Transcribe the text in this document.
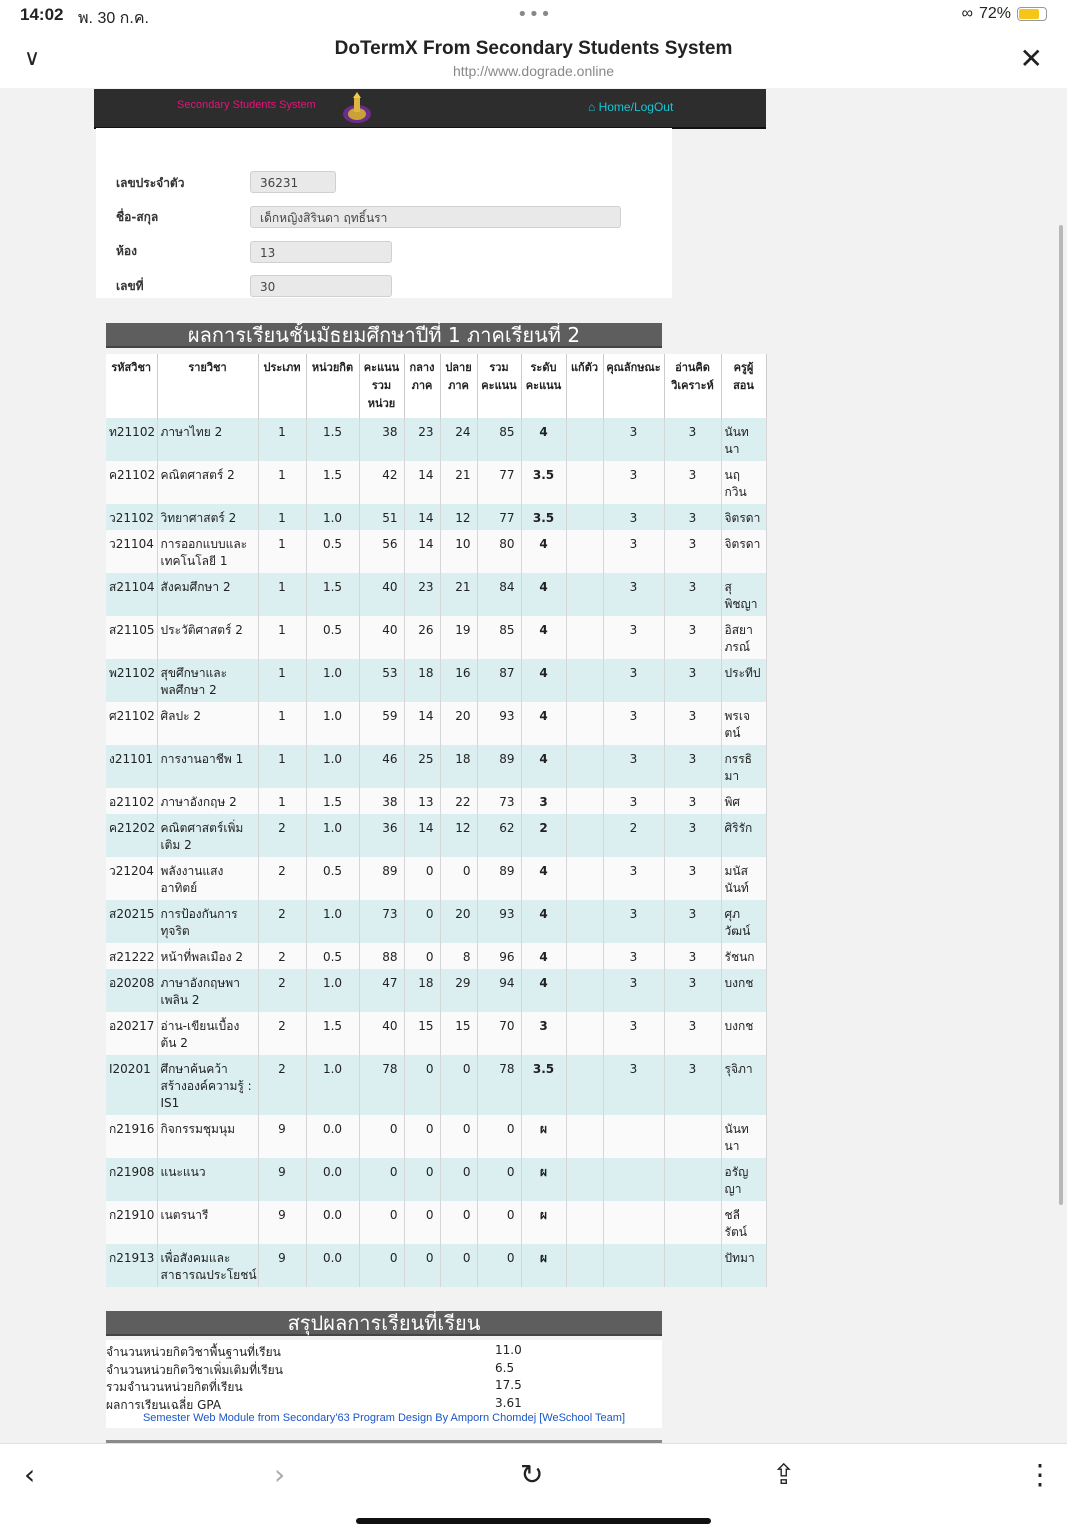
14:02 พ. 30 ก.ค.	•••	∞ 72%
∨	DoTermX From Secondary Students System
http://www.dograde.online	✕
Secondary Students System	⌂ Home/LogOut
เลขประจำตัว	36231
ชื่อ-สกุล	เด็กหญิงสิรินดา ฤทธิ์นรา
ห้อง	13
เลขที่	30
ผลการเรียนชั้นมัธยมศึกษาปีที่ 1 ภาคเรียนที่ 2
รหัสวิชา	รายวิชา	ประเภท	หน่วยกิต	คะแนน รวม หน่วย	กลาง ภาค	ปลาย ภาค	รวม คะแนน	ระดับ คะแนน	แก้ตัว	คุณลักษณะ	อ่านคิด วิเคราะห์	ครูผู้ สอน
ท21102	ภาษาไทย 2	1	1.5	38	23	24	85	4		3	3	นันท นา
ค21102	คณิตศาสตร์ 2	1	1.5	42	14	21	77	3.5		3	3	นฤ กวิน
ว21102	วิทยาศาสตร์ 2	1	1.0	51	14	12	77	3.5		3	3	จิตรดา
ว21104	การออกแบบและ เทคโนโลยี 1	1	0.5	56	14	10	80	4		3	3	จิตรดา
ส21104	สังคมศึกษา 2	1	1.5	40	23	21	84	4		3	3	สุ พิชญา
ส21105	ประวัติศาสตร์ 2	1	0.5	40	26	19	85	4		3	3	อิสยา ภรณ์
พ21102	สุขศึกษาและ พลศึกษา 2	1	1.0	53	18	16	87	4		3	3	ประทีป
ศ21102	ศิลปะ 2	1	1.0	59	14	20	93	4		3	3	พรเจ ตน์
ง21101	การงานอาชีพ 1	1	1.0	46	25	18	89	4		3	3	กรรธิ มา
อ21102	ภาษาอังกฤษ 2	1	1.5	38	13	22	73	3		3	3	พิศ
ค21202	คณิตศาสตร์เพิ่ม เติม 2	2	1.0	36	14	12	62	2		2	3	ศิริรัก
ว21204	พลังงานแสง อาทิตย์	2	0.5	89	0	0	89	4		3	3	มนัส นันท์
ส20215	การป้องกันการ ทุจริต	2	1.0	73	0	20	93	4		3	3	ศุภ วัฒน์
ส21222	หน้าที่พลเมือง 2	2	0.5	88	0	8	96	4		3	3	รัชนก
อ20208	ภาษาอังกฤษพา เพลิน 2	2	1.0	47	18	29	94	4		3	3	บงกช
อ20217	อ่าน-เขียนเบื้อง ต้น 2	2	1.5	40	15	15	70	3		3	3	บงกช
I20201	ศึกษาค้นคว้า สร้างองค์ความรู้ : IS1	2	1.0	78	0	0	78	3.5		3	3	รุจิภา
ก21916	กิจกรรมชุมนุม	9	0.0	0	0	0	0	ผ				นันท นา
ก21908	แนะแนว	9	0.0	0	0	0	0	ผ				อรัญ ญา
ก21910	เนตรนารี	9	0.0	0	0	0	0	ผ				ชลี รัตน์
ก21913	เพื่อสังคมและ สาธารณประโยชน์	9	0.0	0	0	0	0	ผ				ปัทมา
สรุปผลการเรียนที่เรียน
จำนวนหน่วยกิตวิชาพื้นฐานที่เรียน	11.0
จำนวนหน่วยกิตวิชาเพิ่มเติมที่เรียน	6.5
รวมจำนวนหน่วยกิตที่เรียน	17.5
ผลการเรียนเฉลี่ย GPA	3.61
Semester Web Module from Secondary'63 Program Design By Amporn Chomdej [WeSchool Team]
‹	›	↻	⇪	⋮
